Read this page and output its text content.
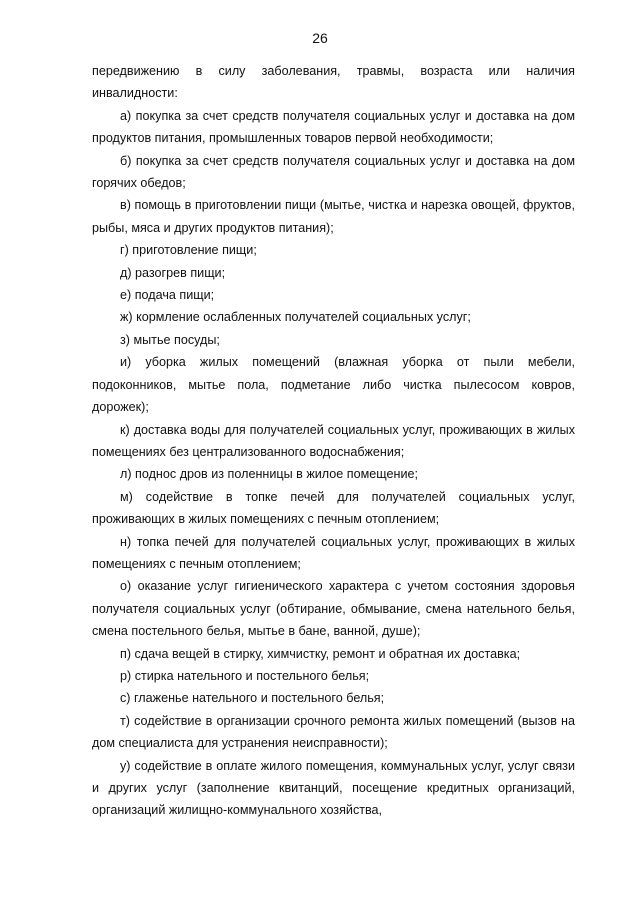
26

передвижению в силу заболевания, травмы, возраста или наличия инвалидности:

а) покупка за счет средств получателя социальных услуг и доставка на дом продуктов питания, промышленных товаров первой необходимости;

б) покупка за счет средств получателя социальных услуг и доставка на дом горячих обедов;

в) помощь в приготовлении пищи (мытье, чистка и нарезка овощей, фруктов, рыбы, мяса и других продуктов питания);

г) приготовление пищи;

д) разогрев пищи;

е) подача пищи;

ж) кормление ослабленных получателей социальных услуг;

з) мытье посуды;

и) уборка жилых помещений (влажная уборка от пыли мебели, подоконников, мытье пола, подметание либо чистка пылесосом ковров, дорожек);

к) доставка воды для получателей социальных услуг, проживающих в жилых помещениях без централизованного водоснабжения;

л) поднос дров из поленницы в жилое помещение;

м) содействие в топке печей для получателей социальных услуг, проживающих в жилых помещениях с печным отоплением;

н) топка печей для получателей социальных услуг, проживающих в жилых помещениях с печным отоплением;

о) оказание услуг гигиенического характера с учетом состояния здоровья получателя социальных услуг (обтирание, обмывание, смена нательного белья, смена постельного белья, мытье в бане, ванной, душе);

п) сдача вещей в стирку, химчистку, ремонт и обратная их доставка;

р) стирка нательного и постельного белья;

с) глаженье нательного и постельного белья;

т) содействие в организации срочного ремонта жилых помещений (вызов на дом специалиста для устранения неисправности);

у) содействие в оплате жилого помещения, коммунальных услуг, услуг связи и других услуг (заполнение квитанций, посещение кредитных организаций, организаций жилищно-коммунального хозяйства,
